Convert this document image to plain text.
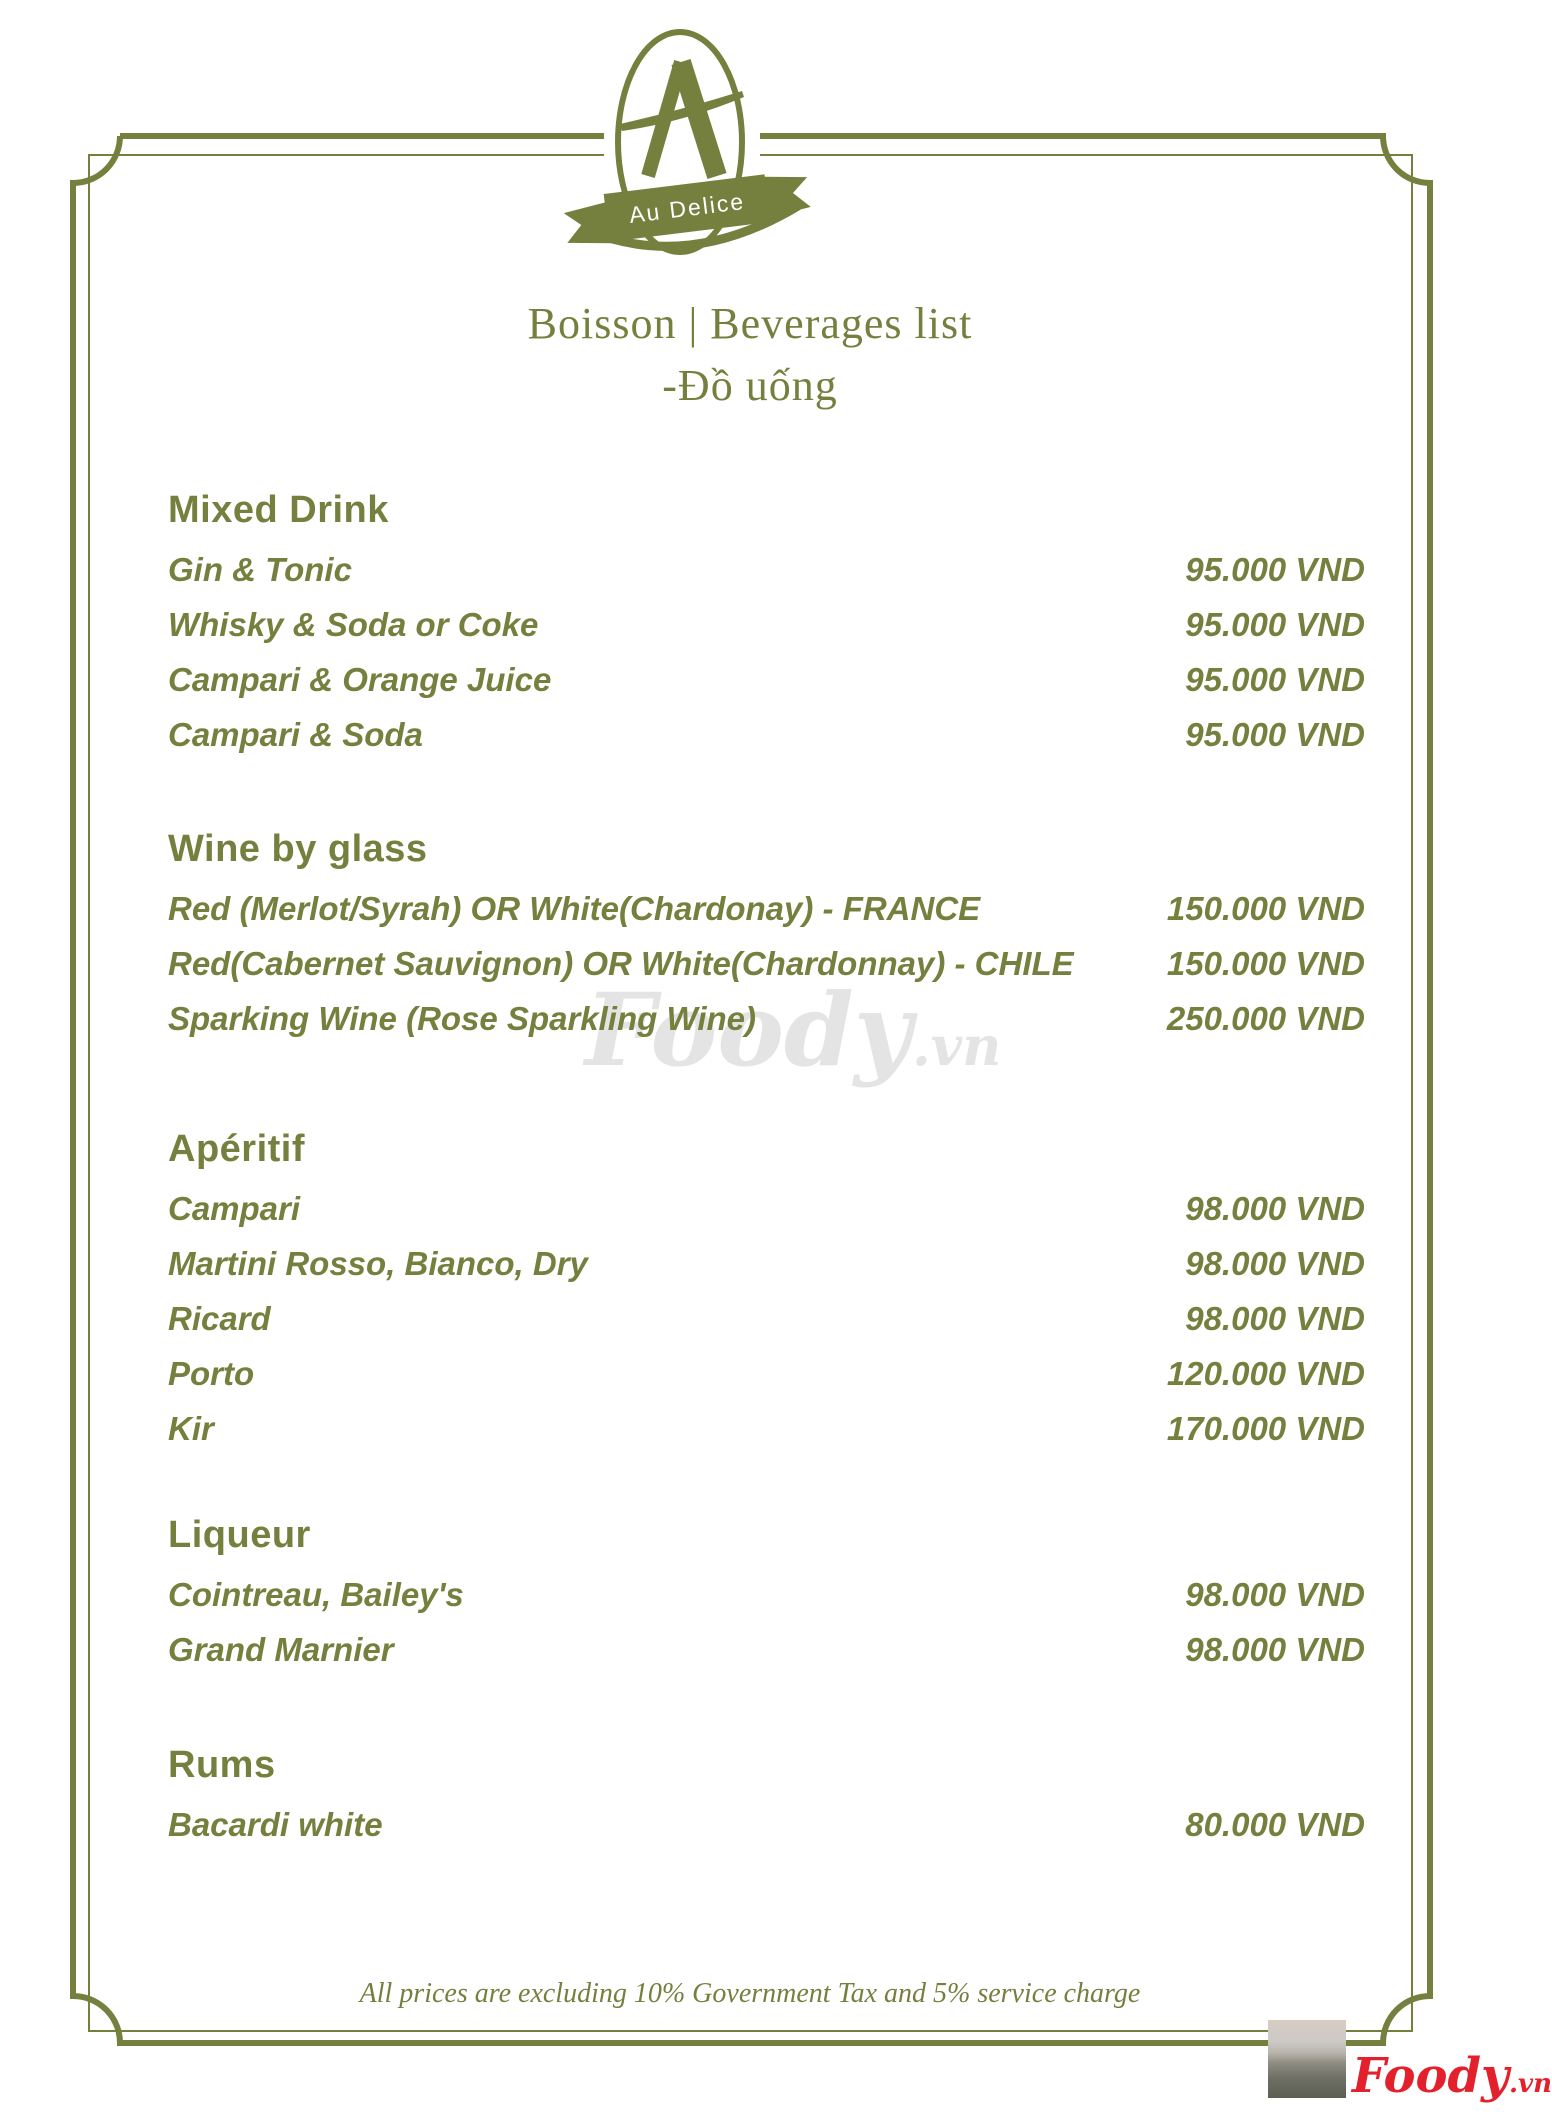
Au Delice
Foody.vn
Boisson | Beverages list
-Đồ uống
Mixed Drink
Gin & Tonic	95.000 VND
Whisky & Soda or Coke	95.000 VND
Campari & Orange Juice	95.000 VND
Campari & Soda	95.000 VND
Wine by glass
Red (Merlot/Syrah) OR White(Chardonay) - FRANCE	150.000 VND
Red(Cabernet Sauvignon) OR White(Chardonnay) - CHILE	150.000 VND
Sparking Wine (Rose Sparkling Wine)	250.000 VND
Apéritif
Campari	98.000 VND
Martini Rosso, Bianco, Dry	98.000 VND
Ricard	98.000 VND
Porto	120.000 VND
Kir	170.000 VND
Liqueur
Cointreau, Bailey's	98.000 VND
Grand Marnier	98.000 VND
Rums
Bacardi white	80.000 VND
All prices are excluding 10% Government Tax and 5% service charge
Foody.vn
